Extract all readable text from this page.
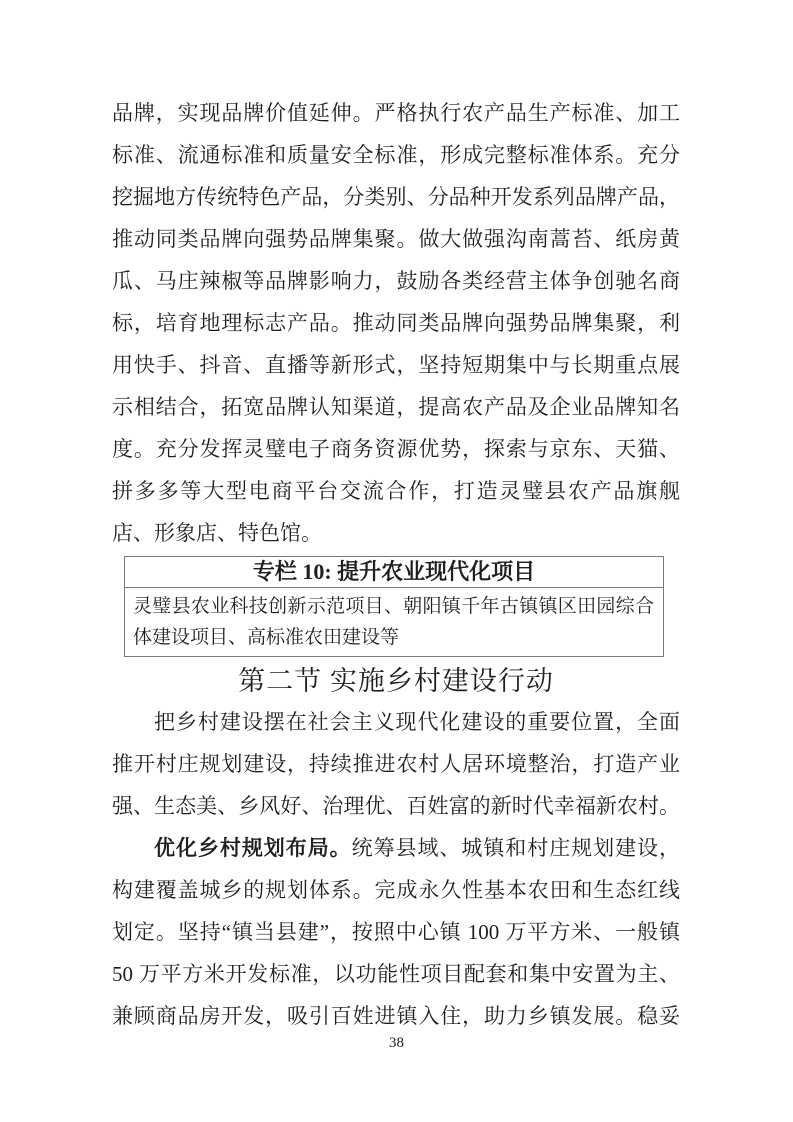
品牌，实现品牌价值延伸。严格执行农产品生产标准、加工
标准、流通标准和质量安全标准，形成完整标准体系。充分
挖掘地方传统特色产品，分类别、分品种开发系列品牌产品，
推动同类品牌向强势品牌集聚。做大做强沟南蒿苔、纸房黄
瓜、马庄辣椒等品牌影响力，鼓励各类经营主体争创驰名商
标，培育地理标志产品。推动同类品牌向强势品牌集聚，利
用快手、抖音、直播等新形式，坚持短期集中与长期重点展
示相结合，拓宽品牌认知渠道，提高农产品及企业品牌知名
度。充分发挥灵璧电子商务资源优势，探索与京东、天猫、
拼多多等大型电商平台交流合作，打造灵璧县农产品旗舰
店、形象店、特色馆。
专栏 10: 提升农业现代化项目
灵璧县农业科技创新示范项目、朝阳镇千年古镇镇区田园综合
体建设项目、高标准农田建设等
第二节 实施乡村建设行动
把乡村建设摆在社会主义现代化建设的重要位置，全面
推开村庄规划建设，持续推进农村人居环境整治，打造产业
强、生态美、乡风好、治理优、百姓富的新时代幸福新农村。
优化乡村规划布局。统筹县域、城镇和村庄规划建设，
构建覆盖城乡的规划体系。完成永久性基本农田和生态红线
划定。坚持“镇当县建”，按照中心镇 100 万平方米、一般镇
50 万平方米开发标准，以功能性项目配套和集中安置为主、
兼顾商品房开发，吸引百姓进镇入住，助力乡镇发展。稳妥
38
